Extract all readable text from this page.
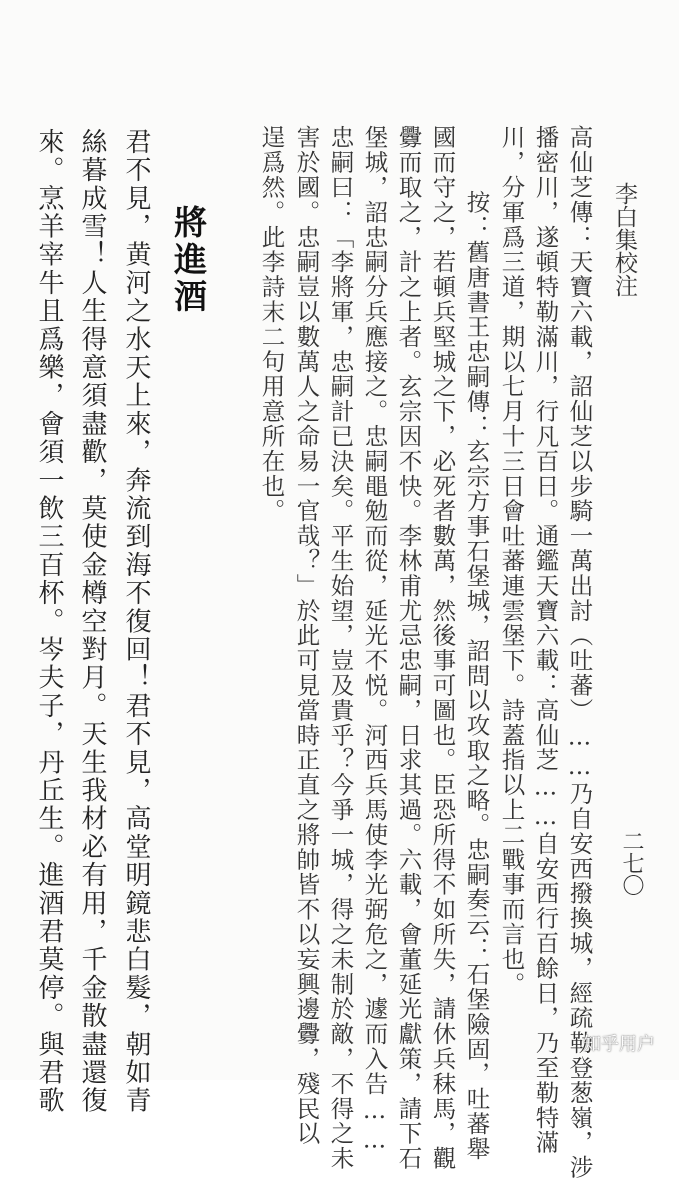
李白集校注
二七〇
高仙芝傳：天寶六載，詔仙芝以步騎一萬出討（吐蕃）……乃自安西撥換城，經疏勒登葱嶺，涉
播密川，遂頓特勒滿川，行凡百日。通鑑天寶六載：高仙芝……自安西行百餘日，乃至勒特滿
川，分軍爲三道，期以七月十三日會吐蕃連雲堡下。詩蓋指以上二戰事而言也。
按：舊唐書王忠嗣傳：玄宗方事石堡城，詔問以攻取之略。忠嗣奏云：石堡險固，吐蕃舉
國而守之，若頓兵堅城之下，必死者數萬，然後事可圖也。臣恐所得不如所失，請休兵秣馬，觀
釁而取之，計之上者。玄宗因不快。李林甫尤忌忠嗣，日求其過。六載，會董延光獻策，請下石
堡城，詔忠嗣分兵應接之。忠嗣黽勉而從，延光不悦。河西兵馬使李光弼危之，遽而入告……
忠嗣曰：「李將軍，忠嗣計已決矣。平生始望，豈及貴乎？今爭一城，得之未制於敵，不得之未
害於國。忠嗣豈以數萬人之命易一官哉？」於此可見當時正直之將帥皆不以妄興邊釁，殘民以
逞爲然。此李詩末二句用意所在也。
將進酒
君不見，黄河之水天上來，奔流到海不復回！君不見，高堂明鏡悲白髮，朝如青
絲暮成雪！人生得意須盡歡，莫使金樽空對月。天生我材必有用，千金散盡還復
來。烹羊宰牛且爲樂，會須一飲三百杯。岑夫子，丹丘生。進酒君莫停。與君歌	知乎用户
